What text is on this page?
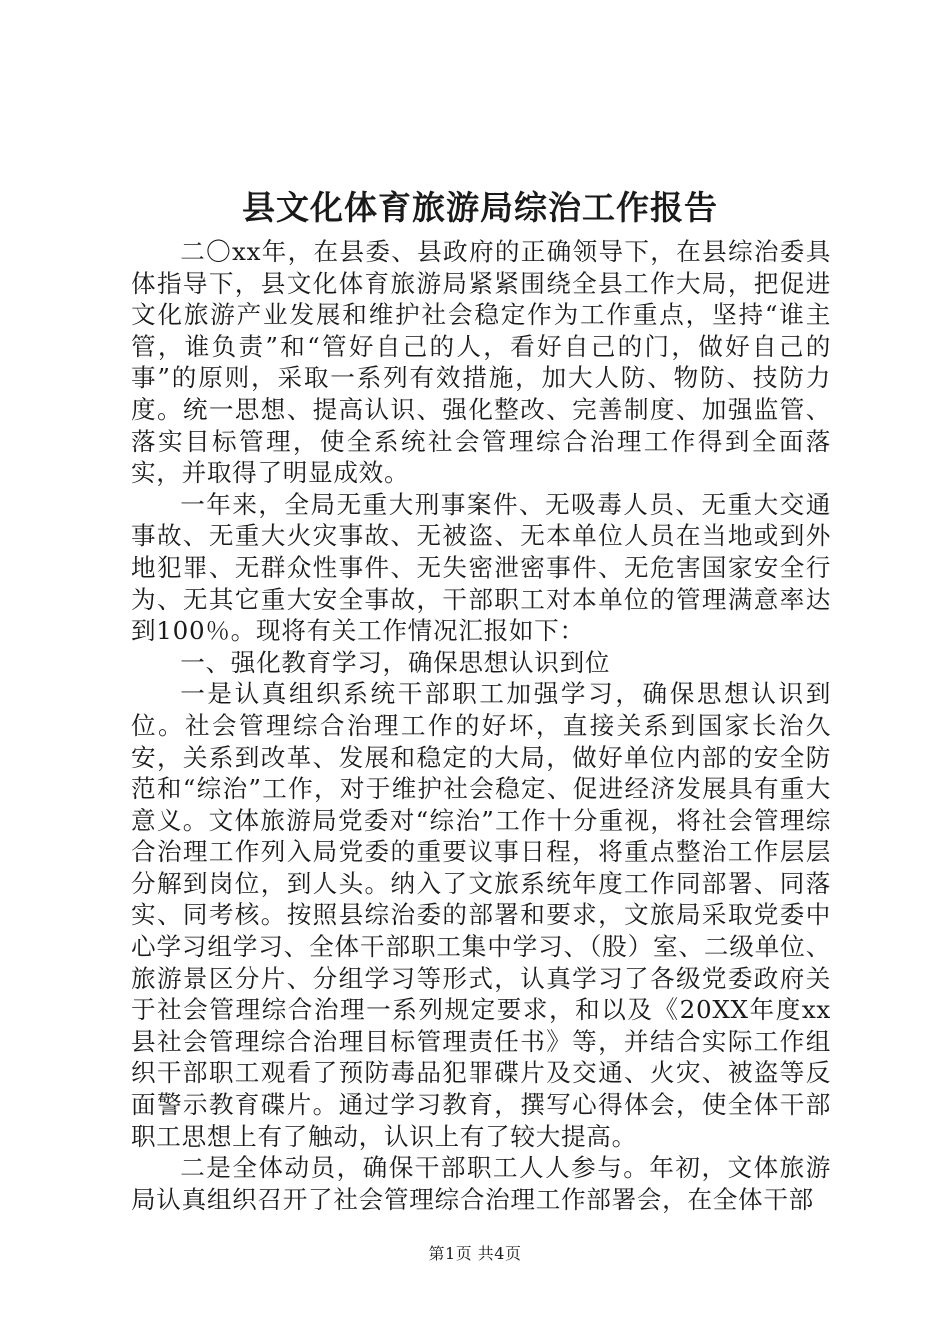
县文化体育旅游局综治工作报告

二〇xx年，在县委、县政府的正确领导下，在县综治委具体指导下，县文化体育旅游局紧紧围绕全县工作大局，把促进文化旅游产业发展和维护社会稳定作为工作重点，坚持“谁主管，谁负责”和“管好自己的人，看好自己的门，做好自己的事”的原则，采取一系列有效措施，加大人防、物防、技防力度。统一思想、提高认识、强化整改、完善制度、加强监管、落实目标管理，使全系统社会管理综合治理工作得到全面落实，并取得了明显成效。

一年来，全局无重大刑事案件、无吸毒人员、无重大交通事故、无重大火灾事故、无被盗、无本单位人员在当地或到外地犯罪、无群众性事件、无失密泄密事件、无危害国家安全行为、无其它重大安全事故，干部职工对本单位的管理满意率达到100％。现将有关工作情况汇报如下：

一、强化教育学习，确保思想认识到位

一是认真组织系统干部职工加强学习，确保思想认识到位。社会管理综合治理工作的好坏，直接关系到国家长治久安，关系到改革、发展和稳定的大局，做好单位内部的安全防范和“综治”工作，对于维护社会稳定、促进经济发展具有重大意义。文体旅游局党委对“综治”工作十分重视，将社会管理综合治理工作列入局党委的重要议事日程，将重点整治工作层层分解到岗位，到人头。纳入了文旅系统年度工作同部署、同落实、同考核。按照县综治委的部署和要求，文旅局采取党委中心学习组学习、全体干部职工集中学习、（股）室、二级单位、旅游景区分片、分组学习等形式，认真学习了各级党委政府关于社会管理综合治理一系列规定要求，和以及《20XX年度xx县社会管理综合治理目标管理责任书》等，并结合实际工作组织干部职工观看了预防毒品犯罪碟片及交通、火灾、被盗等反面警示教育碟片。通过学习教育，撰写心得体会，使全体干部职工思想上有了触动，认识上有了较大提高。

二是全体动员，确保干部职工人人参与。年初，文体旅游局认真组织召开了社会管理综合治理工作部署会，在全体干部

第1页 共4页
